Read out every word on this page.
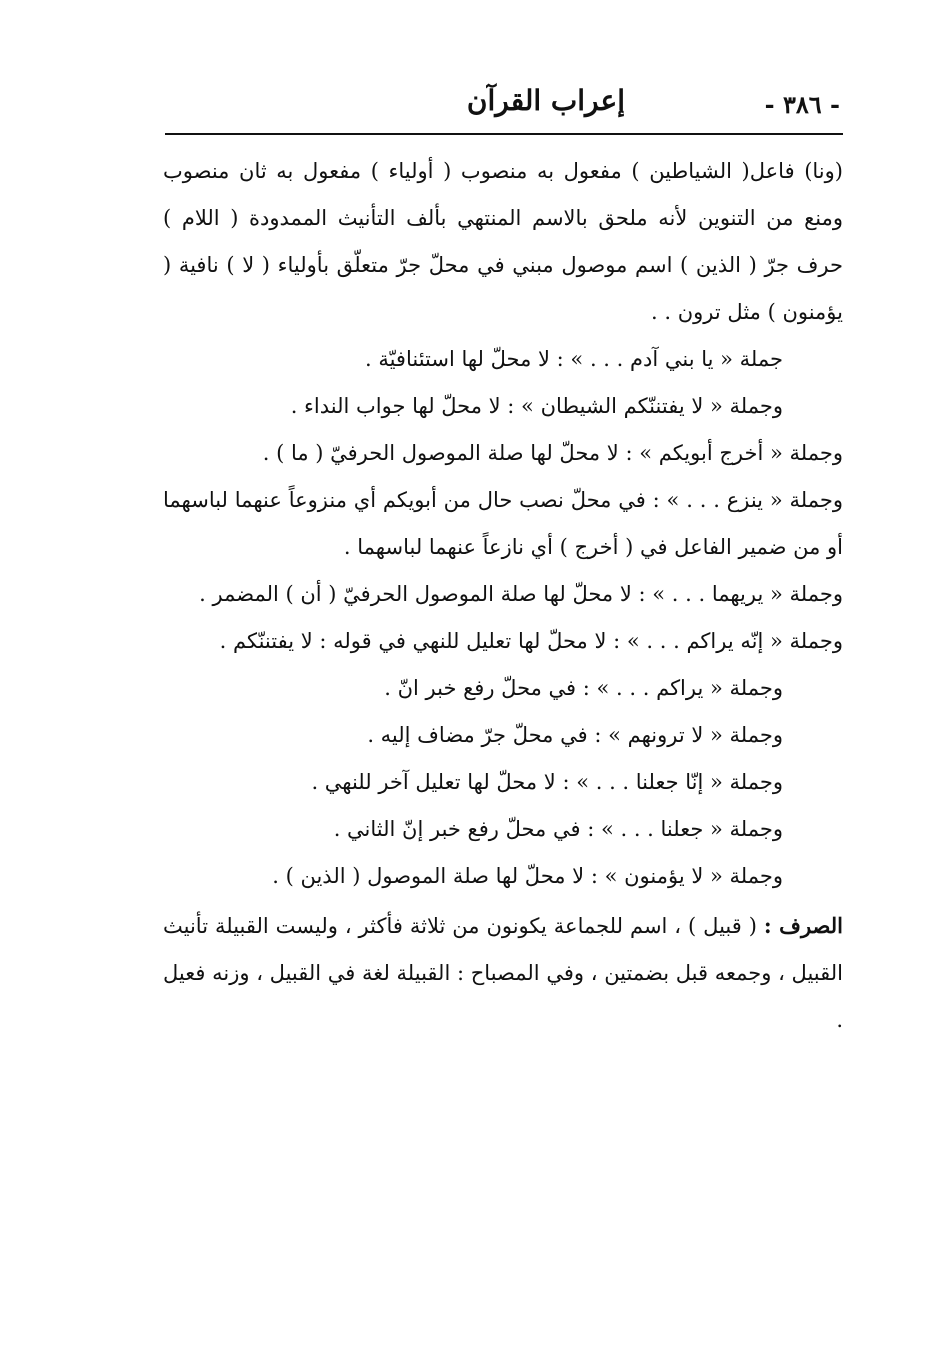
- ٣٨٦ -
إعراب القرآن

(ونا) فاعل( الشياطين ) مفعول به منصوب ( أولياء ) مفعول به ثان منصوب ومنع من التنوين لأنه ملحق بالاسم المنتهي بألف التأنيث الممدودة ( اللام ) حرف جرّ ( الذين ) اسم موصول مبني في محلّ جرّ متعلّق بأولياء ( لا ) نافية ( يؤمنون ) مثل ترون . .

جملة « يا بني آدم . . . » : لا محلّ لها استئنافيّة .

وجملة « لا يفتننّكم الشيطان » : لا محلّ لها جواب النداء .

وجملة « أخرج أبويكم » : لا محلّ لها صلة الموصول الحرفيّ ( ما ) .

وجملة « ينزع . . . » : في محلّ نصب حال من أبويكم أي منزوعاً عنهما لباسهما أو من ضمير الفاعل في ( أخرج ) أي نازعاً عنهما لباسهما .

وجملة « يريهما . . . » : لا محلّ لها صلة الموصول الحرفيّ ( أن ) المضمر .

وجملة « إنّه يراكم . . . » : لا محلّ لها تعليل للنهي في قوله : لا يفتننّكم .

وجملة « يراكم . . . » : في محلّ رفع خبر انّ .

وجملة « لا ترونهم » : في محلّ جرّ مضاف إليه .

وجملة « إنّا جعلنا . . . » : لا محلّ لها تعليل آخر للنهي .

وجملة « جعلنا . . . » : في محلّ رفع خبر إنّ الثاني .

وجملة « لا يؤمنون » : لا محلّ لها صلة الموصول ( الذين ) .

الصرف : ( قبيل ) ، اسم للجماعة يكونون من ثلاثة فأكثر ، وليست القبيلة تأنيث القبيل ، وجمعه قبل بضمتين ، وفي المصباح : القبيلة لغة في القبيل ، وزنه فعيل .
